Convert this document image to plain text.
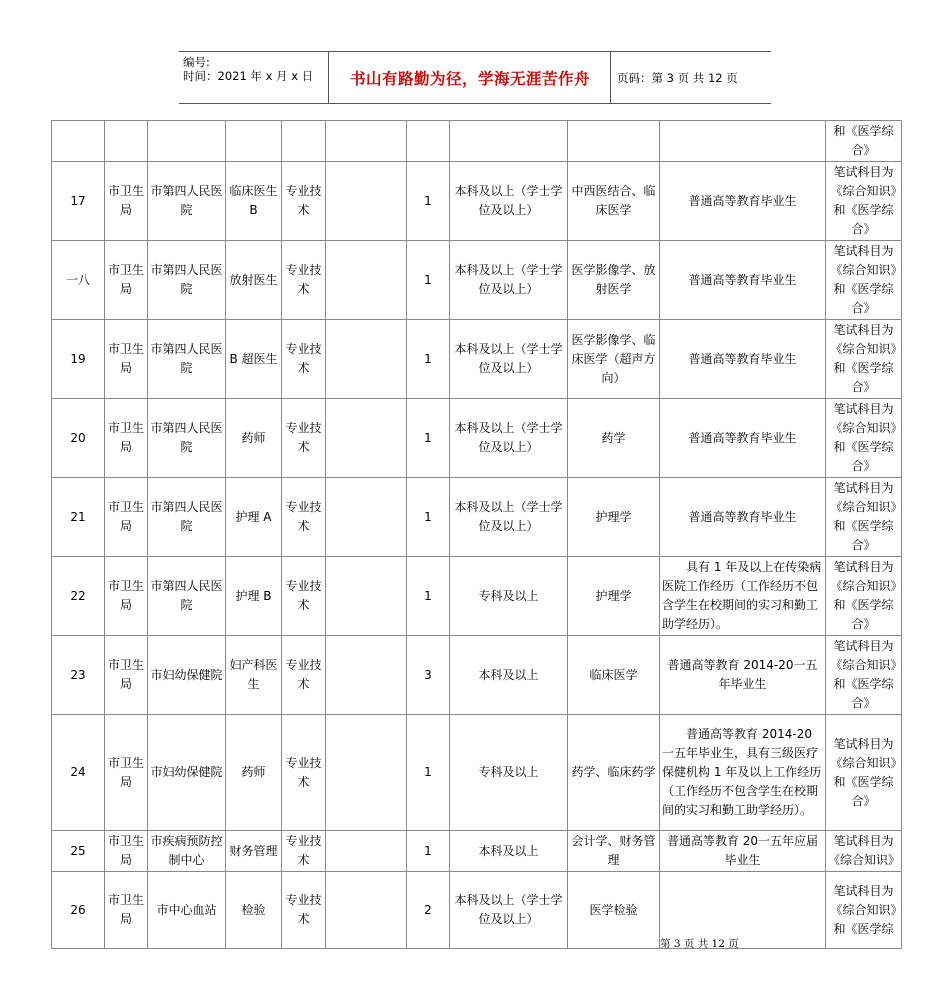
编号:
时间：2021 年 x 月 x 日	书山有路勤为径，学海无涯苦作舟	页码：第 3 页 共 12 页
										和《医学综合》
17	市卫生局	市第四人民医院	临床医生 B	专业技术		1	本科及以上（学士学位及以上）	中西医结合、临床医学	普通高等教育毕业生	笔试科目为《综合知识》和《医学综合》
一八	市卫生局	市第四人民医院	放射医生	专业技术		1	本科及以上（学士学位及以上）	医学影像学、放射医学	普通高等教育毕业生	笔试科目为《综合知识》和《医学综合》
19	市卫生局	市第四人民医院	B 超医生	专业技术		1	本科及以上（学士学位及以上）	医学影像学、临床医学（超声方向）	普通高等教育毕业生	笔试科目为《综合知识》和《医学综合》
20	市卫生局	市第四人民医院	药师	专业技术		1	本科及以上（学士学位及以上）	药学	普通高等教育毕业生	笔试科目为《综合知识》和《医学综合》
21	市卫生局	市第四人民医院	护理 A	专业技术		1	本科及以上（学士学位及以上）	护理学	普通高等教育毕业生	笔试科目为《综合知识》和《医学综合》
22	市卫生局	市第四人民医院	护理 B	专业技术		1	专科及以上	护理学	具有 1 年及以上在传染病医院工作经历（工作经历不包含学生在校期间的实习和勤工助学经历）。	笔试科目为《综合知识》和《医学综合》
23	市卫生局	市妇幼保健院	妇产科医生	专业技术		3	本科及以上	临床医学	普通高等教育 2014-20一五年毕业生	笔试科目为《综合知识》和《医学综合》
24	市卫生局	市妇幼保健院	药师	专业技术		1	专科及以上	药学、临床药学	普通高等教育 2014-20一五年毕业生，具有三级医疗保健机构 1 年及以上工作经历（工作经历不包含学生在校期间的实习和勤工助学经历）。	笔试科目为《综合知识》和《医学综合》
25	市卫生局	市疾病预防控制中心	财务管理	专业技术		1	本科及以上	会计学、财务管理	普通高等教育 20一五年应届毕业生	笔试科目为《综合知识》
26	市卫生局	市中心血站	检验	专业技术		2	本科及以上（学士学位及以上）	医学检验		笔试科目为《综合知识》和《医学综
第 3 页 共 12 页
